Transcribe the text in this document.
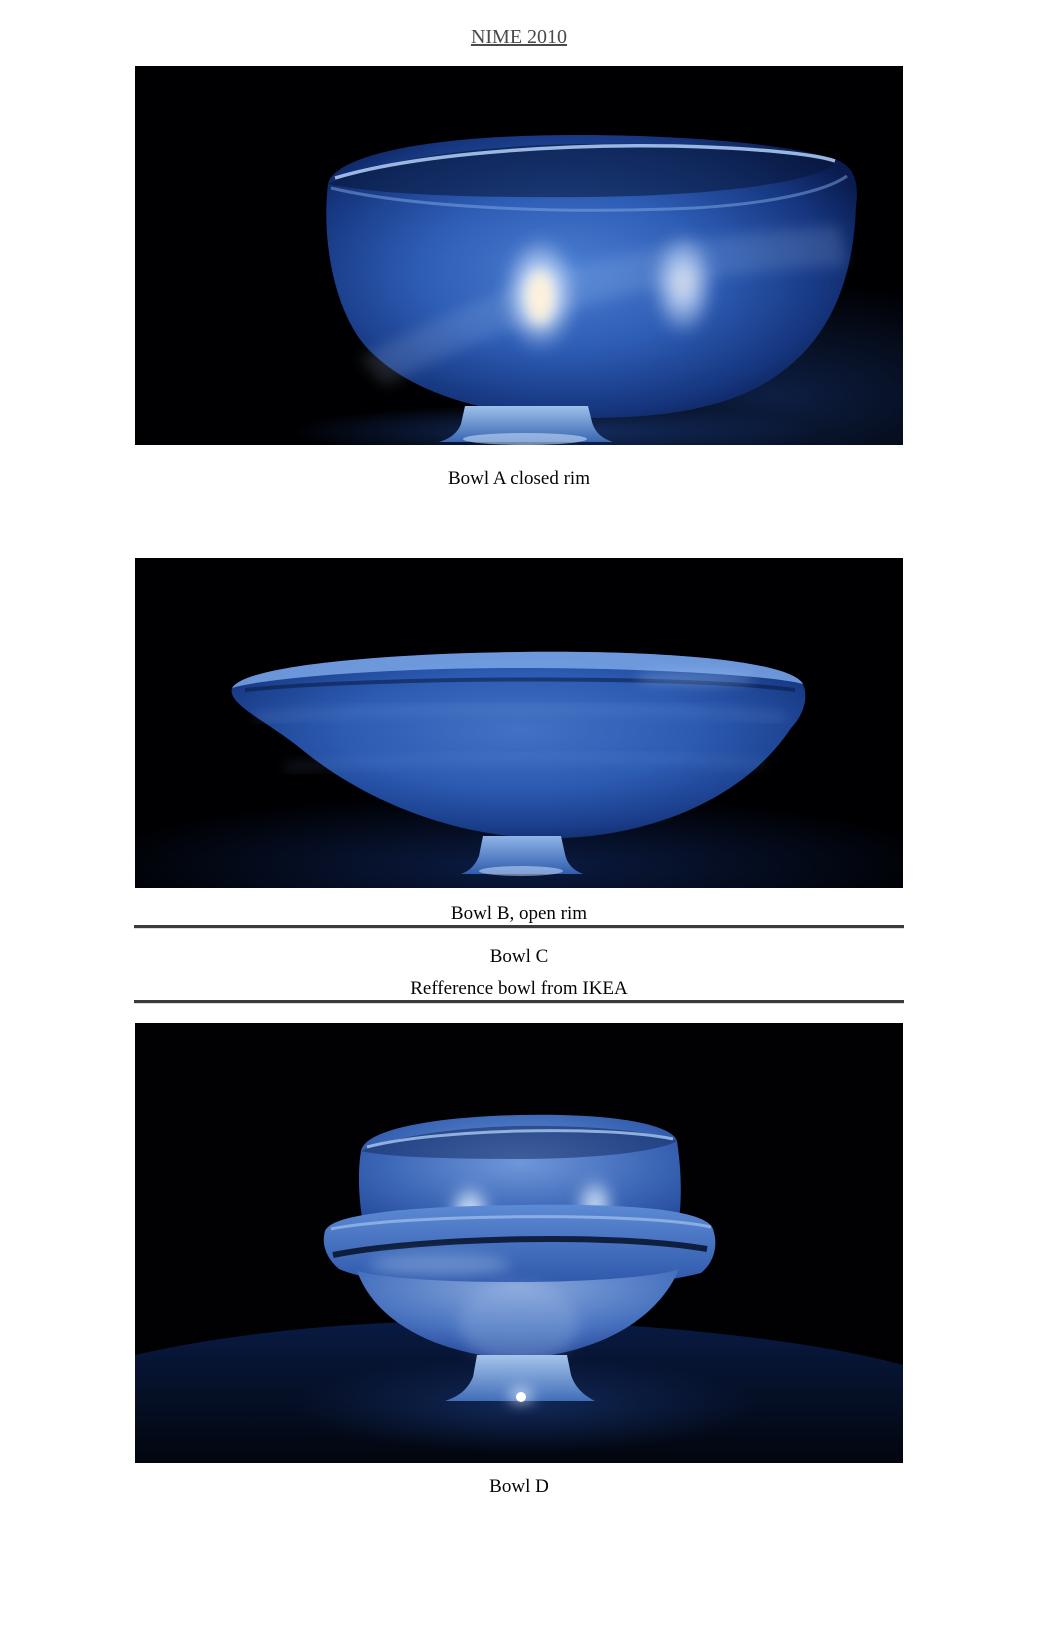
NIME 2010

Bowl A closed rim

Bowl B, open rim

Bowl C

Refference bowl from IKEA

Bowl D
